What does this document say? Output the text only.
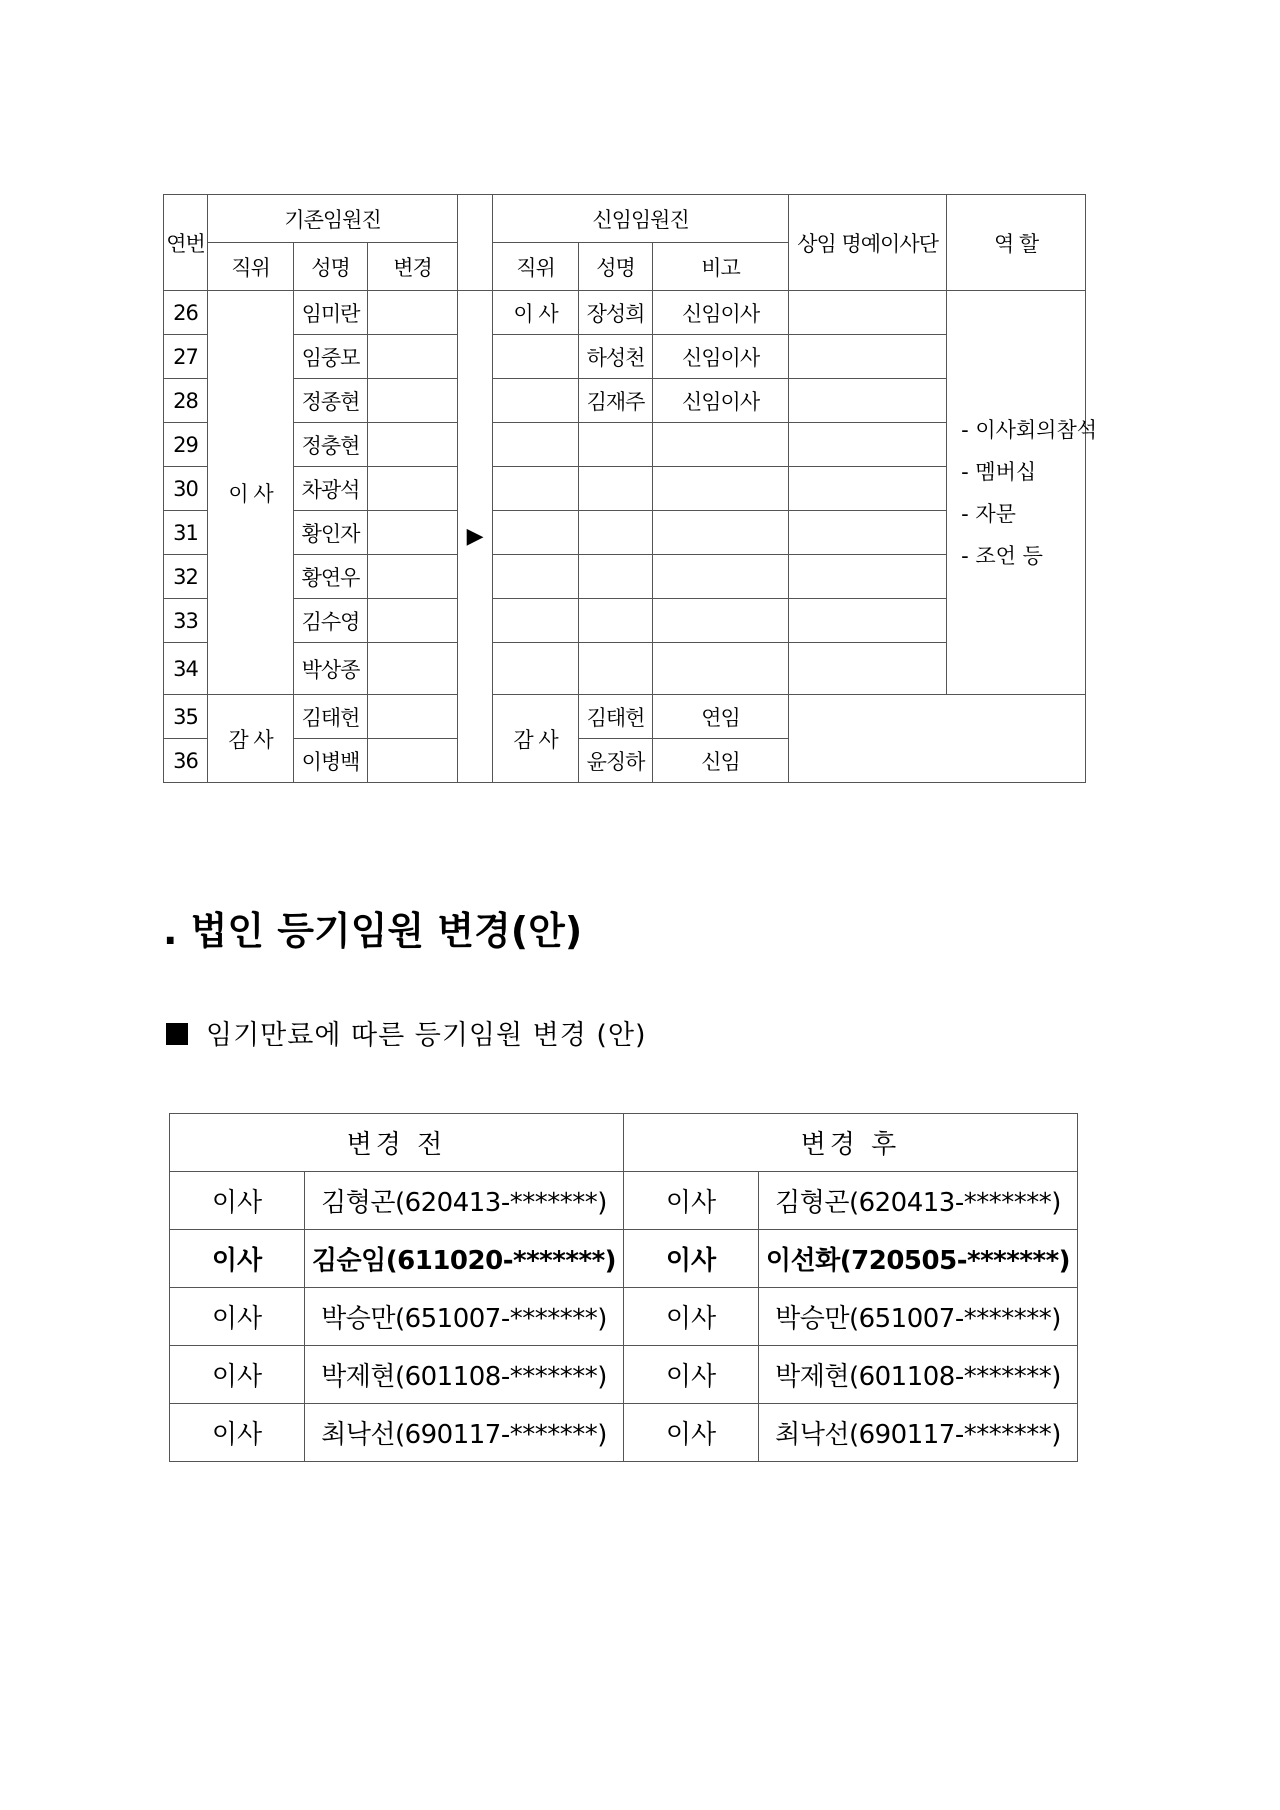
연번	기존임원진				신임임원진			상임 명예이사단	역 할
	직위	성명	변경		직위	성명	비고		
26	이 사	임미란		▶	이 사	장성희	신임이사		- 이사회의참석
- 멤버십
- 자문
- 조언 등

27		임중모				하성천	신임이사		
28		정종현				김재주	신임이사		
29		정충현							
30		차광석							
31		황인자							
32		황연우							
33		김수영							
34		박상종							
35	감 사	김태헌			감 사	김태헌	연임		
36		이병백				윤징하	신임		
. 법인 등기임원 변경(안)
임기만료에 따른 등기임원 변경 (안)
변경 전		변경 후	
이사	김형곤(620413-*******)	이사	김형곤(620413-*******)
이사	김순임(611020-*******)	이사	이선화(720505-*******)
이사	박승만(651007-*******)	이사	박승만(651007-*******)
이사	박제현(601108-*******)	이사	박제현(601108-*******)
이사	최낙선(690117-*******)	이사	최낙선(690117-*******)
